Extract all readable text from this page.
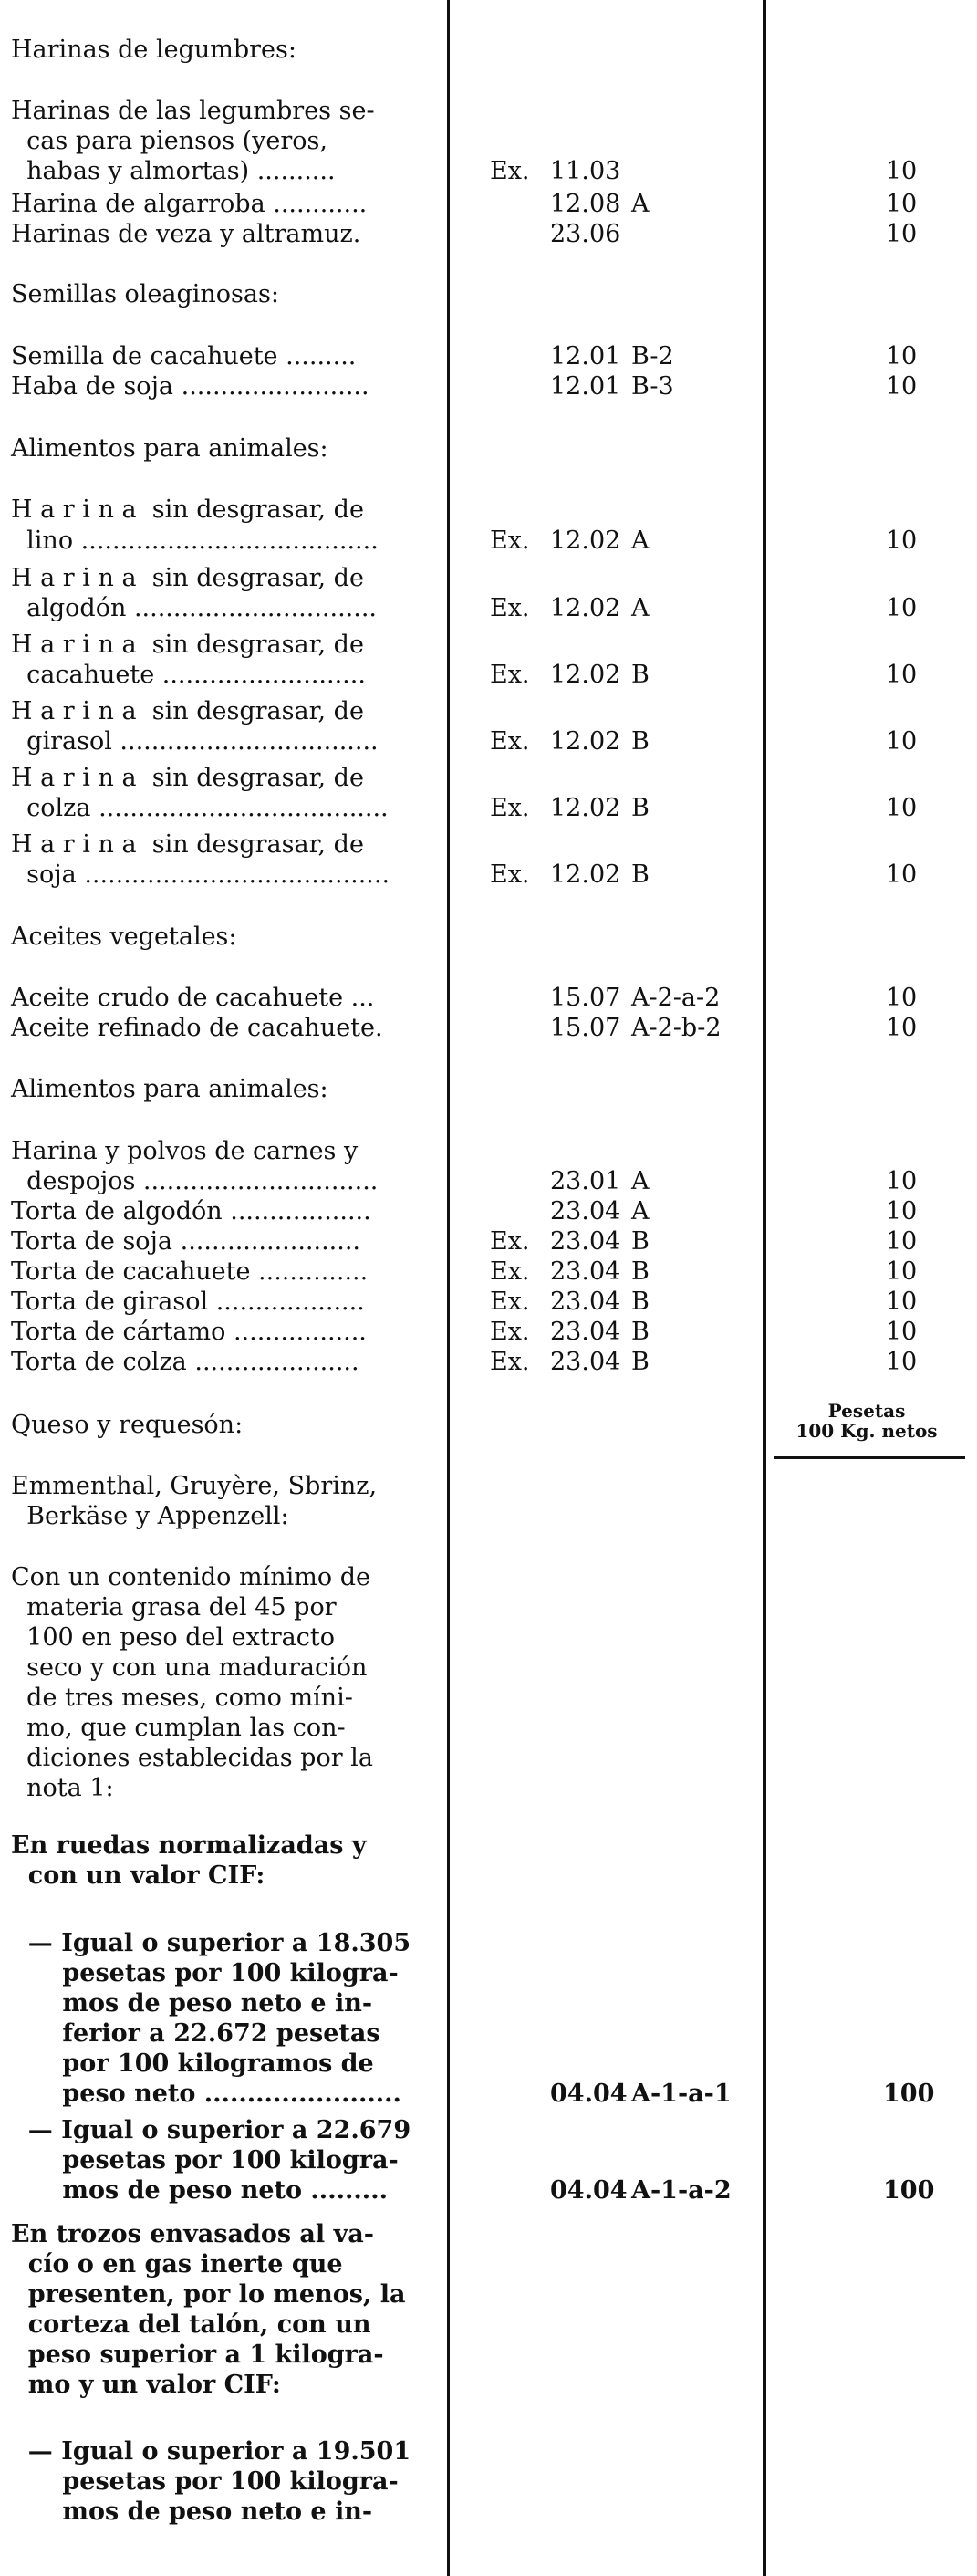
Pesetas
100 Kg. netos
Harinas de legumbres:
Harinas de las legumbres se-
cas para piensos (yeros,
habas y almortas) ..........	Ex. 11.03	10
Harina de algarroba ............	12.08 A	10
Harinas de veza y altramuz.	23.06	10
Semillas oleaginosas:
Semilla de cacahuete .........	12.01 B-2	10
Haba de soja ........................	12.01 B-3	10
Alimentos para animales:
H a r i n a  sin desgrasar, de
lino ......................................	Ex. 12.02 A	10
H a r i n a  sin desgrasar, de
algodón ...............................	Ex. 12.02 A	10
H a r i n a  sin desgrasar, de
cacahuete ..........................	Ex. 12.02 B	10
H a r i n a  sin desgrasar, de
girasol .................................	Ex. 12.02 B	10
H a r i n a  sin desgrasar, de
colza .....................................	Ex. 12.02 B	10
H a r i n a  sin desgrasar, de
soja .......................................	Ex. 12.02 B	10
Aceites vegetales:
Aceite crudo de cacahuete ...	15.07 A-2-a-2	10
Aceite refinado de cacahuete.	15.07 A-2-b-2	10
Alimentos para animales:
Harina y polvos de carnes y
despojos ..............................	23.01 A	10
Torta de algodón ..................	23.04 A	10
Torta de soja .......................	Ex. 23.04 B	10
Torta de cacahuete ..............	Ex. 23.04 B	10
Torta de girasol ...................	Ex. 23.04 B	10
Torta de cártamo .................	Ex. 23.04 B	10
Torta de colza .....................	Ex. 23.04 B	10
Queso y requesón:
Emmenthal, Gruyère, Sbrinz,
Berkäse y Appenzell:
Con un contenido mínimo de
materia grasa del 45 por
100 en peso del extracto
seco y con una maduración
de tres meses, como míni-
mo, que cumplan las con-
diciones establecidas por la
nota 1:
En ruedas normalizadas y
con un valor CIF:
— Igual o superior a 18.305
pesetas por 100 kilogra-
mos de peso neto e in-
ferior a 22.672 pesetas
por 100 kilogramos de
peso neto .......................	04.04 A-1-a-1	100
— Igual o superior a 22.679
pesetas por 100 kilogra-
mos de peso neto .........	04.04 A-1-a-2	100
En trozos envasados al va-
cío o en gas inerte que
presenten, por lo menos, la
corteza del talón, con un
peso superior a 1 kilogra-
mo y un valor CIF:
— Igual o superior a 19.501
pesetas por 100 kilogra-
mos de peso neto e in-
